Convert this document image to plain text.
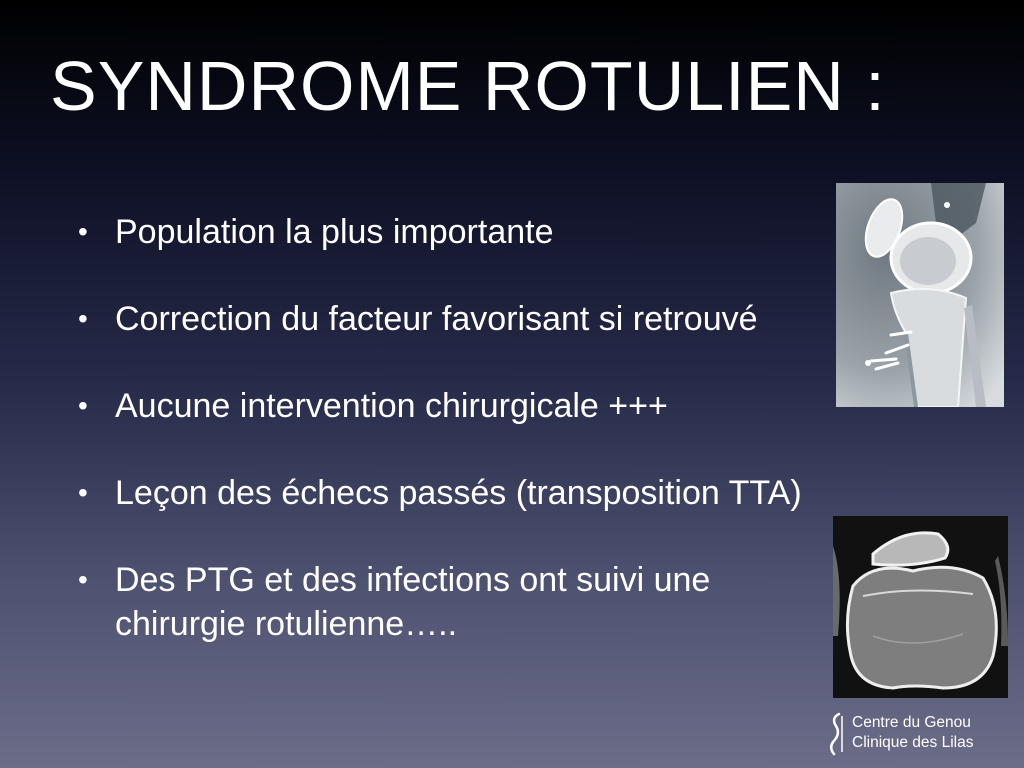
SYNDROME ROTULIEN :
• Population la plus importante
• Correction du facteur favorisant si retrouvé
• Aucune intervention chirurgicale +++
• Leçon des échecs passés (transposition TTA)
• Des PTG et des infections ont suivi une chirurgie rotulienne…..
Centre du Genou
Clinique des Lilas
